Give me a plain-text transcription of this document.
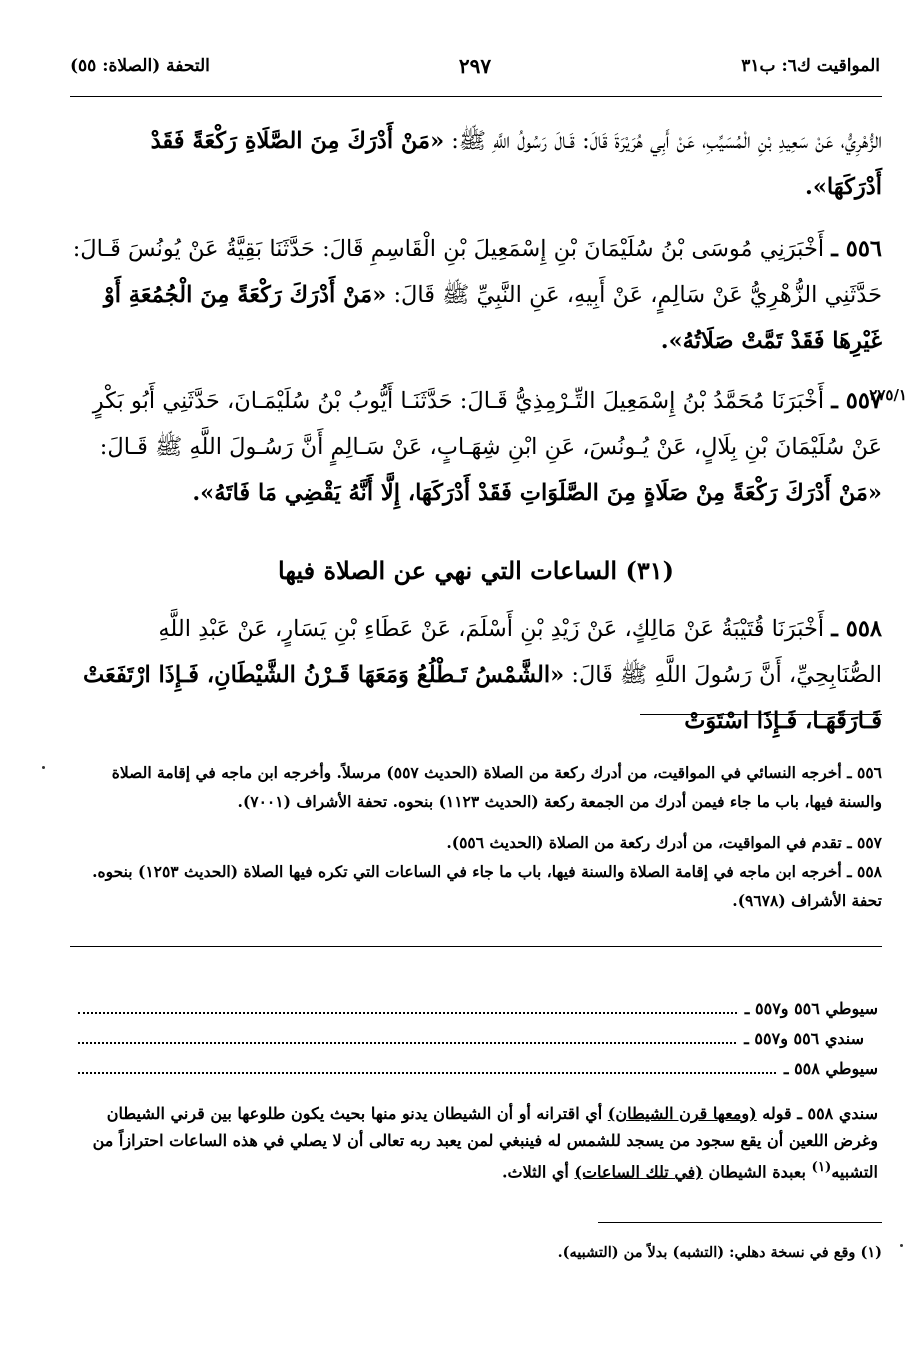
المواقيت ك٦: ب٣١
٢٩٧
التحفة (الصلاة: ٥٥)

الزُّهْرِيُّ، عَنْ سَعِيدِ بْنِ الْمُسَيِّبِ، عَنْ أَبِي هُرَيْرَةَ قَالَ: قَـالَ رَسُولُ اللَّهِ ﷺ: «مَنْ أَدْرَكَ مِنَ الصَّلَاةِ رَكْعَةً فَقَدْ أَدْرَكَهَا».

٥٥٦ ـ أَخْبَرَنِي مُوسَى بْنُ سُلَيْمَانَ بْنِ إِسْمَعِيلَ بْنِ الْقَاسِمِ قَالَ: حَدَّثَنَا بَقِيَّةُ عَنْ يُونُسَ قَـالَ: حَدَّثَنِي الزُّهْرِيُّ عَنْ سَالِمٍ، عَنْ أَبِيهِ، عَنِ النَّبِيِّ ﷺ قَالَ: «مَنْ أَدْرَكَ رَكْعَةً مِنَ الْجُمُعَةِ أَوْ غَيْرِهَا فَقَدْ تَمَّتْ صَلَاتُهُ».

٢٧٥/١

٥٥٧ ـ أَخْبَرَنَا مُحَمَّدُ بْنُ إِسْمَعِيلَ التِّـرْمِذِيُّ قَـالَ: حَدَّثَنَـا أَيُّوبُ بْنُ سُلَيْمَـانَ، حَدَّثَنِي أَبُو بَكْرٍ عَنْ سُلَيْمَانَ بْنِ بِلَالٍ، عَنْ يُـونُسَ، عَنِ ابْنِ شِهَـابٍ، عَنْ سَـالِمٍ أَنَّ رَسُـولَ اللَّهِ ﷺ قَـالَ: «مَنْ أَدْرَكَ رَكْعَةً مِنْ صَلَاةٍ مِنَ الصَّلَوَاتِ فَقَدْ أَدْرَكَهَا، إِلَّا أَنَّهُ يَقْضِي مَا فَاتَهُ».

(٣١) الساعات التي نهي عن الصلاة فيها

٥٥٨ ـ أَخْبَرَنَا قُتَيْبَةُ عَنْ مَالِكٍ، عَنْ زَيْدِ بْنِ أَسْلَمَ، عَنْ عَطَاءِ بْنِ يَسَارٍ، عَنْ عَبْدِ اللَّهِ الصُّنَابِحِيِّ، أَنَّ رَسُولَ اللَّهِ ﷺ قَالَ: «الشَّمْسُ تَـطْلُعُ وَمَعَهَا قَـرْنُ الشَّيْطَانِ، فَـإِذَا ارْتَفَعَتْ فَـارَقَهَـا، فَـإِذَا اسْتَوَتْ

٥٥٦ ـ أخرجه النسائي في المواقيت، من أدرك ركعة من الصلاة (الحديث ٥٥٧) مرسلاً. وأخرجه ابن ماجه في إقامة الصلاة والسنة فيها، باب ما جاء فيمن أدرك من الجمعة ركعة (الحديث ١١٢٣) بنحوه. تحفة الأشراف (٧٠٠١).

٥٥٧ ـ تقدم في المواقيت، من أدرك ركعة من الصلاة (الحديث ٥٥٦).

٥٥٨ ـ أخرجه ابن ماجه في إقامة الصلاة والسنة فيها، باب ما جاء في الساعات التي تكره فيها الصلاة (الحديث ١٢٥٣) بنحوه. تحفة الأشراف (٩٦٧٨).

سيوطي ٥٥٦ و٥٥٧ ـ
سندي ٥٥٦ و٥٥٧ ـ
سيوطي ٥٥٨ ـ

سندي ٥٥٨ ـ قوله (ومعها قرن الشيطان) أي اقترانه أو أن الشيطان يدنو منها بحيث يكون طلوعها بين قرني الشيطان وغرض اللعين أن يقع سجود من يسجد للشمس له فينبغي لمن يعبد ربه تعالى أن لا يصلي في هذه الساعات احترازاً من التشبيه$^{(١)}$ بعبدة الشيطان (في تلك الساعات) أي الثلاث.

(١) وقع في نسخة دهلي: (التشبه) بدلاً من (التشبيه).
